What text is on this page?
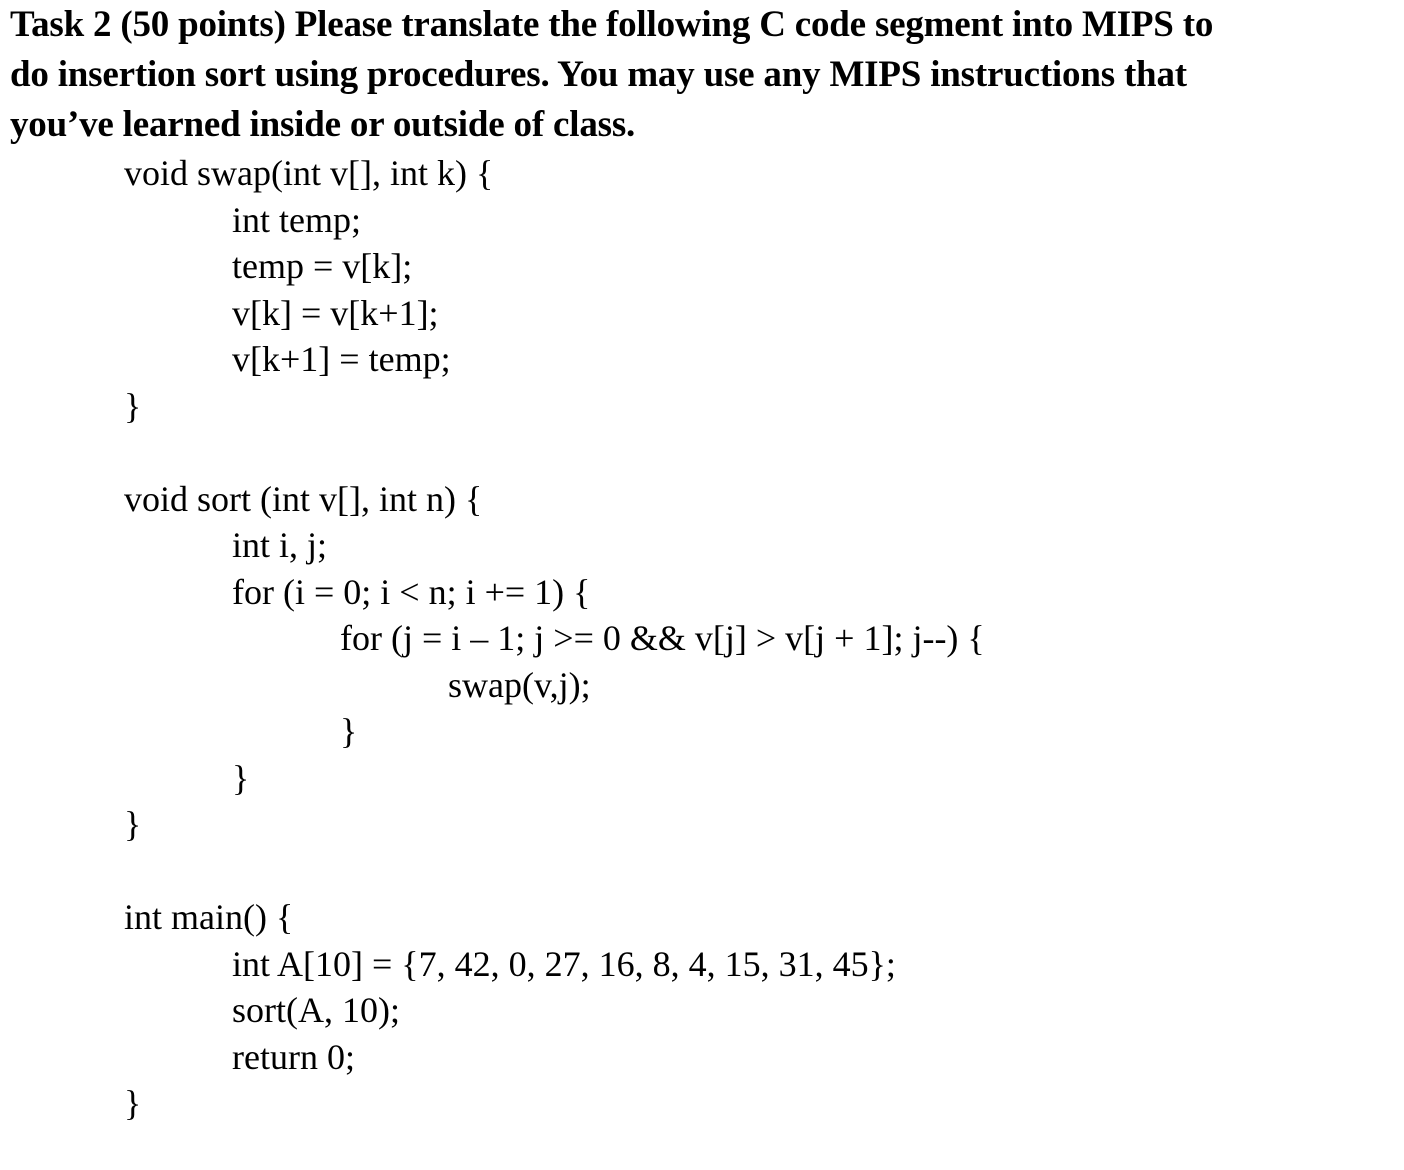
Task 2 (50 points) Please translate the following C code segment into MIPS to
do insertion sort using procedures. You may use any MIPS instructions that
you’ve learned inside or outside of class.
void swap(int v[], int k) {
int temp;
temp = v[k];
v[k] = v[k+1];
v[k+1] = temp;
}
void sort (int v[], int n) {
int i, j;
for (i = 0; i < n; i += 1) {
for (j = i – 1; j >= 0 && v[j] > v[j + 1]; j--) {
swap(v,j);
}
}
}
int main() {
int A[10] = {7, 42, 0, 27, 16, 8, 4, 15, 31, 45};
sort(A, 10);
return 0;
}
